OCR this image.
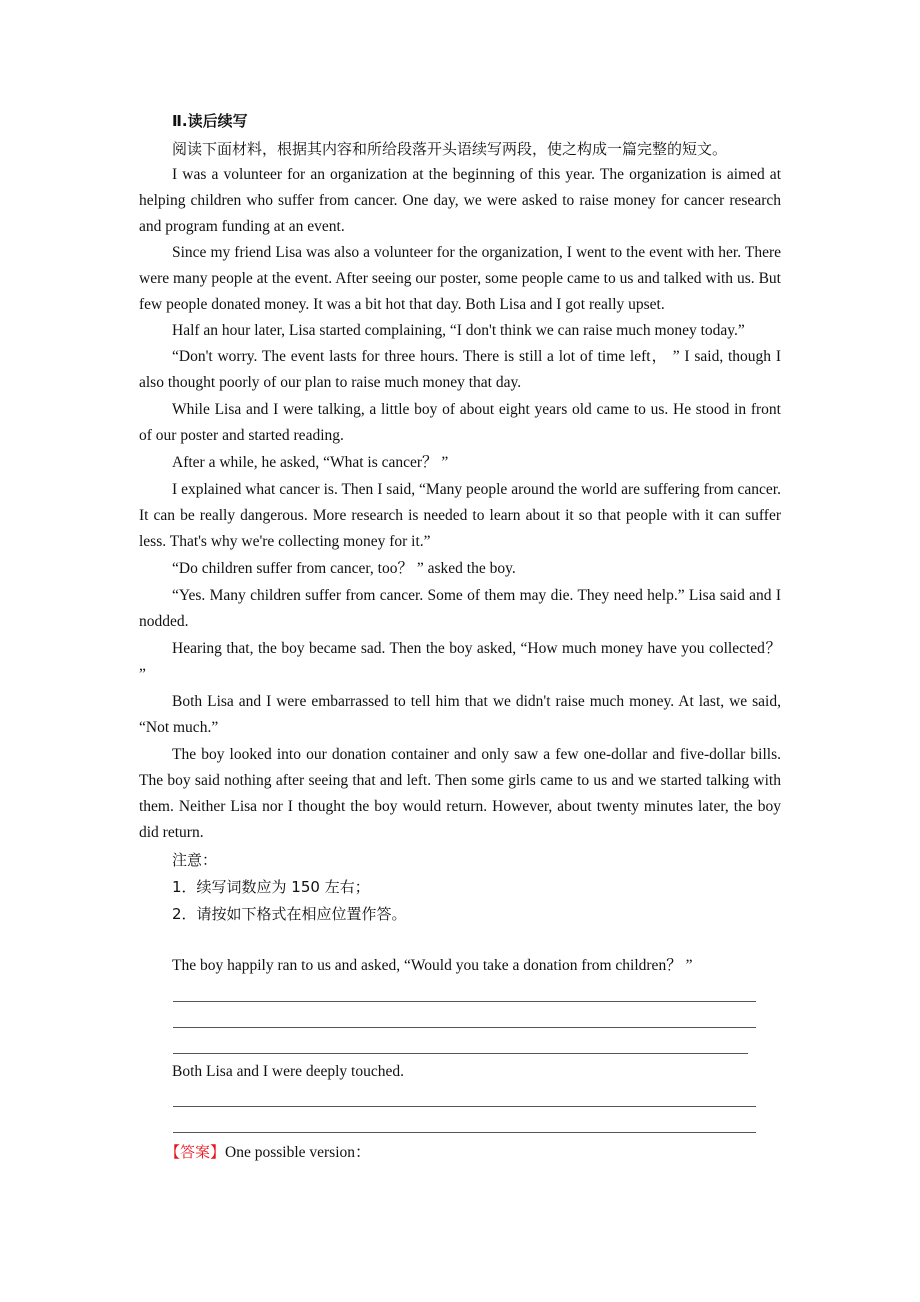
Ⅱ.读后续写

阅读下面材料，根据其内容和所给段落开头语续写两段，使之构成一篇完整的短文。

I was a volunteer for an organization at the beginning of this year. The organization is aimed at helping children who suffer from cancer. One day, we were asked to raise money for cancer research and program funding at an event.

Since my friend Lisa was also a volunteer for the organization, I went to the event with her. There were many people at the event. After seeing our poster, some people came to us and talked with us. But few people donated money. It was a bit hot that day. Both Lisa and I got really upset.

Half an hour later, Lisa started complaining, “I don't think we can raise much money today.”

“Don't worry. The event lasts for three hours. There is still a lot of time left， ” I said, though I also thought poorly of our plan to raise much money that day.

While Lisa and I were talking, a little boy of about eight years old came to us. He stood in front of our poster and started reading.

After a while, he asked, “What is cancer？ ”

I explained what cancer is. Then I said, “Many people around the world are suffering from cancer. It can be really dangerous. More research is needed to learn about it so that people with it can suffer less. That's why we're collecting money for it.”

“Do children suffer from cancer, too？ ” asked the boy.

“Yes. Many children suffer from cancer. Some of them may die. They need help.” Lisa said and I nodded.

Hearing that, the boy became sad. Then the boy asked, “How much money have you collected？ ”

Both Lisa and I were embarrassed to tell him that we didn't raise much money. At last, we said, “Not much.”

The boy looked into our donation container and only saw a few one-dollar and five-dollar bills. The boy said nothing after seeing that and left. Then some girls came to us and we started talking with them. Neither Lisa nor I thought the boy would return. However, about twenty minutes later, the boy did return.

注意：

1．续写词数应为 150 左右；

2．请按如下格式在相应位置作答。

The boy happily ran to us and asked, “Would you take a donation from children？ ”
Both Lisa and I were deeply touched.
【答案】One possible version：
